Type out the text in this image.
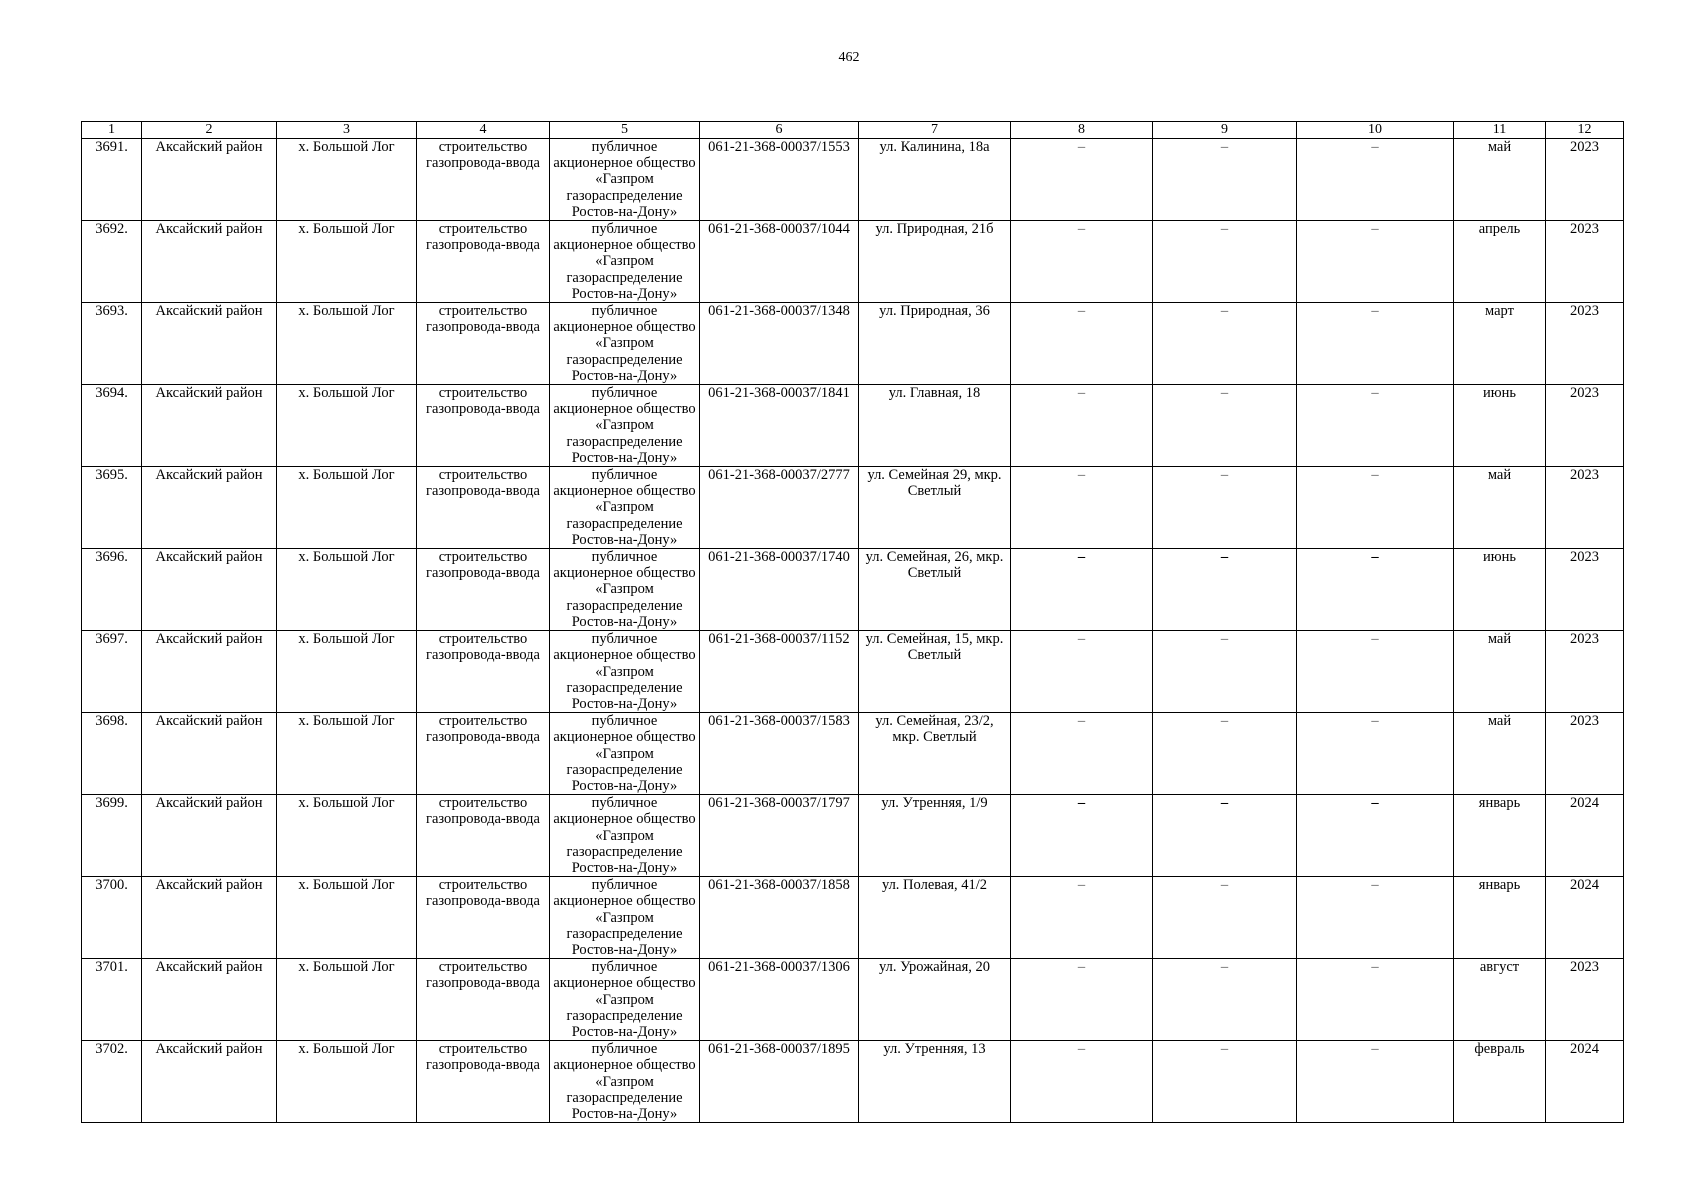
462
1	2	3	4	5	6	7	8	9	10	11	12
3691.	Аксайский район	х. Большой Лог	строительство газопровода-ввода	публичное акционерное общество «Газпром газораспределение Ростов-на-Дону»	061-21-368-00037/1553	ул. Калинина, 18а	–	–	–	май	2023
3692.	Аксайский район	х. Большой Лог	строительство газопровода-ввода	публичное акционерное общество «Газпром газораспределение Ростов-на-Дону»	061-21-368-00037/1044	ул. Природная, 21б	–	–	–	апрель	2023
3693.	Аксайский район	х. Большой Лог	строительство газопровода-ввода	публичное акционерное общество «Газпром газораспределение Ростов-на-Дону»	061-21-368-00037/1348	ул. Природная, 36	–	–	–	март	2023
3694.	Аксайский район	х. Большой Лог	строительство газопровода-ввода	публичное акционерное общество «Газпром газораспределение Ростов-на-Дону»	061-21-368-00037/1841	ул. Главная, 18	–	–	–	июнь	2023
3695.	Аксайский район	х. Большой Лог	строительство газопровода-ввода	публичное акционерное общество «Газпром газораспределение Ростов-на-Дону»	061-21-368-00037/2777	ул. Семейная 29, мкр. Светлый	–	–	–	май	2023
3696.	Аксайский район	х. Большой Лог	строительство газопровода-ввода	публичное акционерное общество «Газпром газораспределение Ростов-на-Дону»	061-21-368-00037/1740	ул. Семейная, 26, мкр. Светлый	–	–	–	июнь	2023
3697.	Аксайский район	х. Большой Лог	строительство газопровода-ввода	публичное акционерное общество «Газпром газораспределение Ростов-на-Дону»	061-21-368-00037/1152	ул. Семейная, 15, мкр. Светлый	–	–	–	май	2023
3698.	Аксайский район	х. Большой Лог	строительство газопровода-ввода	публичное акционерное общество «Газпром газораспределение Ростов-на-Дону»	061-21-368-00037/1583	ул. Семейная, 23/2, мкр. Светлый	–	–	–	май	2023
3699.	Аксайский район	х. Большой Лог	строительство газопровода-ввода	публичное акционерное общество «Газпром газораспределение Ростов-на-Дону»	061-21-368-00037/1797	ул. Утренняя, 1/9	–	–	–	январь	2024
3700.	Аксайский район	х. Большой Лог	строительство газопровода-ввода	публичное акционерное общество «Газпром газораспределение Ростов-на-Дону»	061-21-368-00037/1858	ул. Полевая, 41/2	–	–	–	январь	2024
3701.	Аксайский район	х. Большой Лог	строительство газопровода-ввода	публичное акционерное общество «Газпром газораспределение Ростов-на-Дону»	061-21-368-00037/1306	ул. Урожайная, 20	–	–	–	август	2023
3702.	Аксайский район	х. Большой Лог	строительство газопровода-ввода	публичное акционерное общество «Газпром газораспределение Ростов-на-Дону»	061-21-368-00037/1895	ул. Утренняя, 13	–	–	–	февраль	2024
